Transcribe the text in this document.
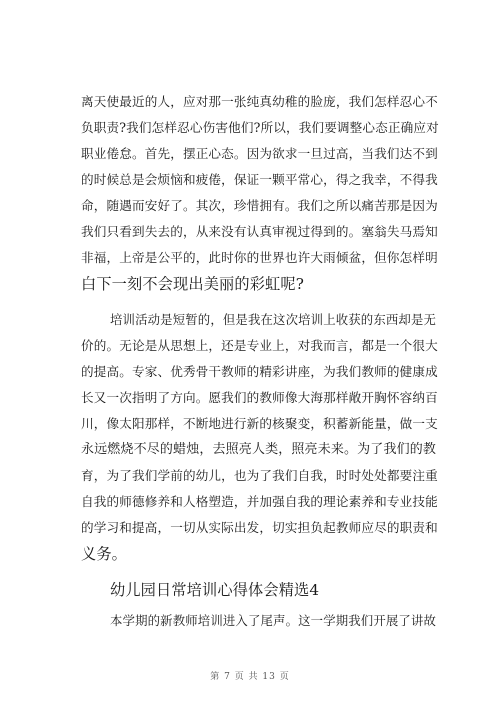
离天使最近的人，应对那一张纯真幼稚的脸庞，我们怎样忍心不
负职责?我们怎样忍心伤害他们?所以，我们要调整心态正确应对
职业倦怠。首先，摆正心态。因为欲求一旦过高，当我们达不到
的时候总是会烦恼和疲倦，保证一颗平常心，得之我幸，不得我
命，随遇而安好了。其次，珍惜拥有。我们之所以痛苦那是因为
我们只看到失去的，从来没有认真审视过得到的。塞翁失马焉知
非福，上帝是公平的，此时你的世界也许大雨倾盆，但你怎样明
白下一刻不会现出美丽的彩虹呢?
培训活动是短暂的，但是我在这次培训上收获的东西却是无
价的。无论是从思想上，还是专业上，对我而言，都是一个很大
的提高。专家、优秀骨干教师的精彩讲座，为我们教师的健康成
长又一次指明了方向。愿我们的教师像大海那样敞开胸怀容纳百
川，像太阳那样，不断地进行新的核聚变，积蓄新能量，做一支
永远燃烧不尽的蜡烛，去照亮人类，照亮未来。为了我们的教
育，为了我们学前的幼儿，也为了我们自我，时时处处都要注重
自我的师德修养和人格塑造，并加强自我的理论素养和专业技能
的学习和提高，一切从实际出发，切实担负起教师应尽的职责和
义务。
幼儿园日常培训心得体会精选4
本学期的新教师培训进入了尾声。这一学期我们开展了讲故
第 7 页 共 13 页
